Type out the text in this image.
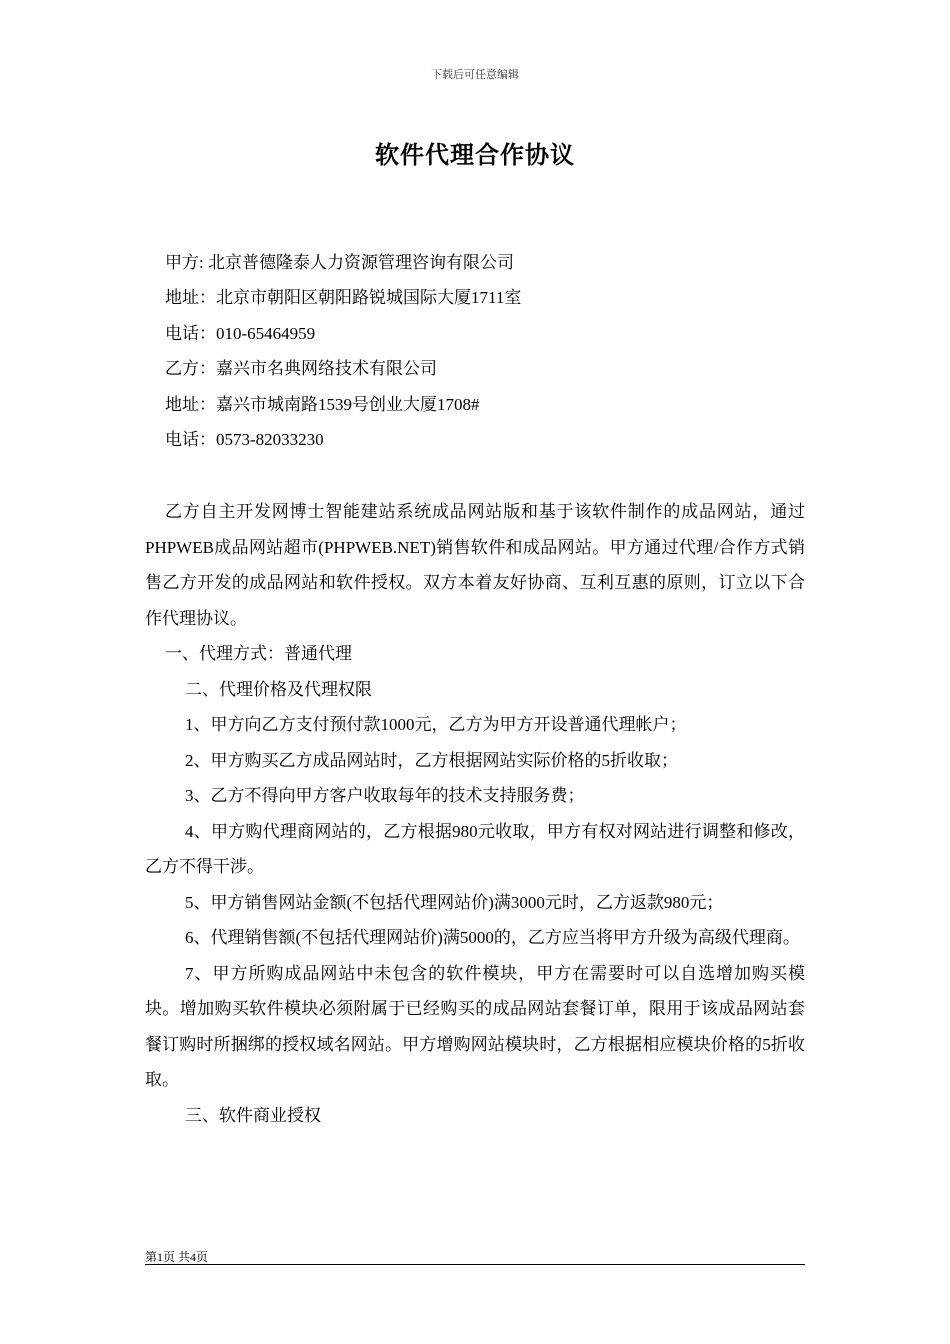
下载后可任意编辑
软件代理合作协议
甲方: 北京普德隆泰人力资源管理咨询有限公司
地址：北京市朝阳区朝阳路锐城国际大厦1711室
电话：010-65464959
乙方：嘉兴市名典网络技术有限公司
地址：嘉兴市城南路1539号创业大厦1708#
电话：0573-82033230

乙方自主开发网博士智能建站系统成品网站版和基于该软件制作的成品网站，通过PHPWEB成品网站超市(PHPWEB.NET)销售软件和成品网站。甲方通过代理/合作方式销售乙方开发的成品网站和软件授权。双方本着友好协商、互利互惠的原则，订立以下合作代理协议。

一、代理方式：普通代理

二、代理价格及代理权限

1、甲方向乙方支付预付款1000元，乙方为甲方开设普通代理帐户；

2、甲方购买乙方成品网站时，乙方根据网站实际价格的5折收取；

3、乙方不得向甲方客户收取每年的技术支持服务费；

4、甲方购代理商网站的，乙方根据980元收取，甲方有权对网站进行调整和修改，乙方不得干涉。

5、甲方销售网站金额(不包括代理网站价)满3000元时，乙方返款980元；

6、代理销售额(不包括代理网站价)满5000的，乙方应当将甲方升级为高级代理商。

7、甲方所购成品网站中未包含的软件模块，甲方在需要时可以自选增加购买模块。增加购买软件模块必须附属于已经购买的成品网站套餐订单，限用于该成品网站套餐订购时所捆绑的授权域名网站。甲方增购网站模块时，乙方根据相应模块价格的5折收取。

三、软件商业授权

第1页 共4页
